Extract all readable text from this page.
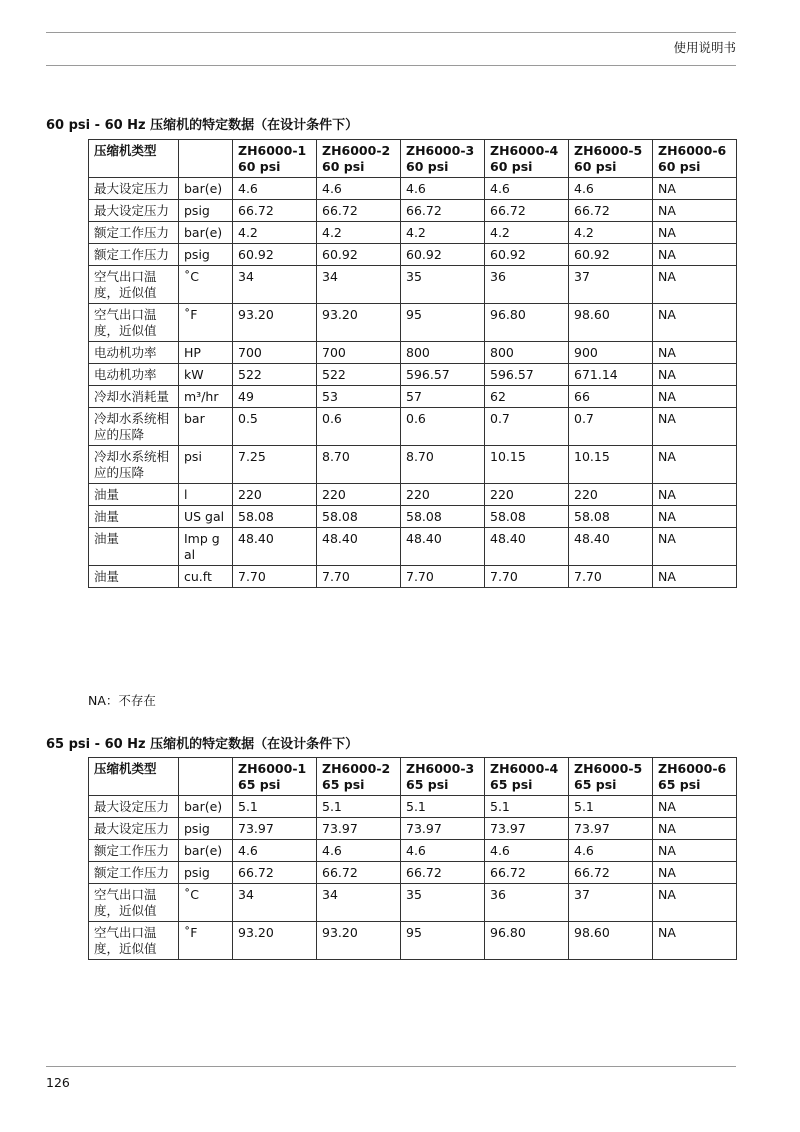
使用说明书
60 psi - 60 Hz 压缩机的特定数据（在设计条件下）
压缩机类型		ZH6000-1 60 psi	ZH6000-2 60 psi	ZH6000-3 60 psi	ZH6000-4 60 psi	ZH6000-5 60 psi	ZH6000-6 60 psi
最大设定压力	bar(e)	4.6	4.6	4.6	4.6	4.6	NA
最大设定压力	psig	66.72	66.72	66.72	66.72	66.72	NA
额定工作压力	bar(e)	4.2	4.2	4.2	4.2	4.2	NA
额定工作压力	psig	60.92	60.92	60.92	60.92	60.92	NA
空气出口温度，近似值	˚C	34	34	35	36	37	NA
空气出口温度，近似值	˚F	93.20	93.20	95	96.80	98.60	NA
电动机功率	HP	700	700	800	800	900	NA
电动机功率	kW	522	522	596.57	596.57	671.14	NA
冷却水消耗量	m³/hr	49	53	57	62	66	NA
冷却水系统相应的压降	bar	0.5	0.6	0.6	0.7	0.7	NA
冷却水系统相应的压降	psi	7.25	8.70	8.70	10.15	10.15	NA
油量	l	220	220	220	220	220	NA
油量	US gal	58.08	58.08	58.08	58.08	58.08	NA
油量	Imp gal	48.40	48.40	48.40	48.40	48.40	NA
油量	cu.ft	7.70	7.70	7.70	7.70	7.70	NA
NA：不存在
65 psi - 60 Hz 压缩机的特定数据（在设计条件下）
压缩机类型		ZH6000-1 65 psi	ZH6000-2 65 psi	ZH6000-3 65 psi	ZH6000-4 65 psi	ZH6000-5 65 psi	ZH6000-6 65 psi
最大设定压力	bar(e)	5.1	5.1	5.1	5.1	5.1	NA
最大设定压力	psig	73.97	73.97	73.97	73.97	73.97	NA
额定工作压力	bar(e)	4.6	4.6	4.6	4.6	4.6	NA
额定工作压力	psig	66.72	66.72	66.72	66.72	66.72	NA
空气出口温度，近似值	˚C	34	34	35	36	37	NA
空气出口温度，近似值	˚F	93.20	93.20	95	96.80	98.60	NA
126
